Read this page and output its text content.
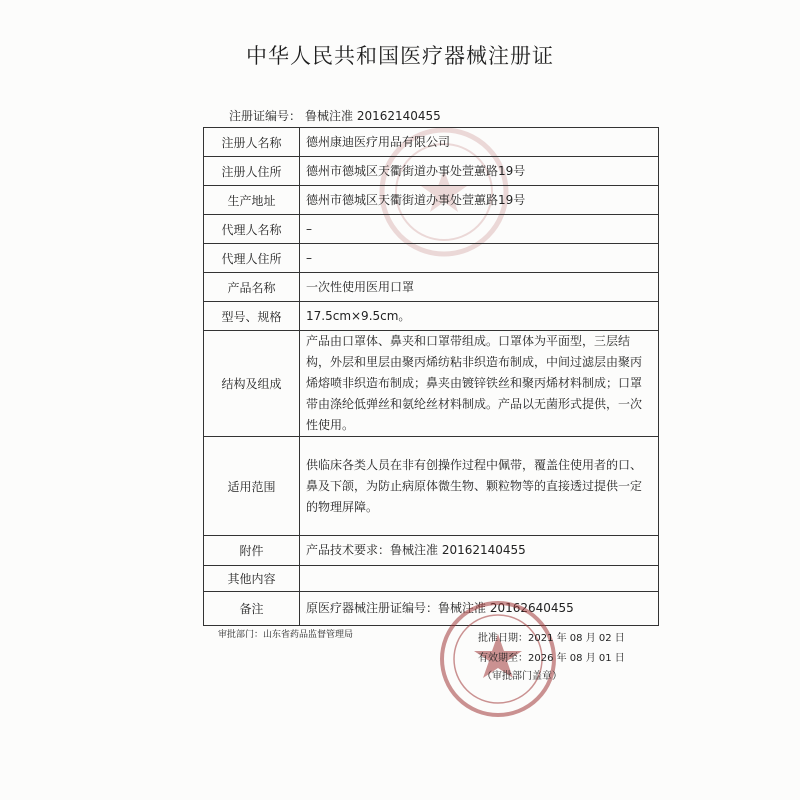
中华人民共和国医疗器械注册证
注册证编号： 鲁械注准 20162140455
注册人名称	德州康迪医疗用品有限公司
注册人住所	德州市德城区天衢街道办事处萱蕙路19号
生产地址	德州市德城区天衢街道办事处萱蕙路19号
代理人名称	–
代理人住所	–
产品名称	一次性使用医用口罩
型号、规格	17.5cm×9.5cm。
结构及组成	产品由口罩体、鼻夹和口罩带组成。口罩体为平面型，三层结构，外层和里层由聚丙烯纺粘非织造布制成，中间过滤层由聚丙烯熔喷非织造布制成；鼻夹由镀锌铁丝和聚丙烯材料制成；口罩带由涤纶低弹丝和氨纶丝材料制成。产品以无菌形式提供，一次性使用。
适用范围	供临床各类人员在非有创操作过程中佩带，覆盖住使用者的口、鼻及下颌，为防止病原体微生物、颗粒物等的直接透过提供一定的物理屏障。
附件	产品技术要求：鲁械注准 20162140455
其他内容	
备注	原医疗器械注册证编号：鲁械注准 20162640455
审批部门：山东省药品监督管理局	批准日期：2021 年 08 月 02 日
有效期至：2026 年 08 月 01 日
（审批部门盖章）
